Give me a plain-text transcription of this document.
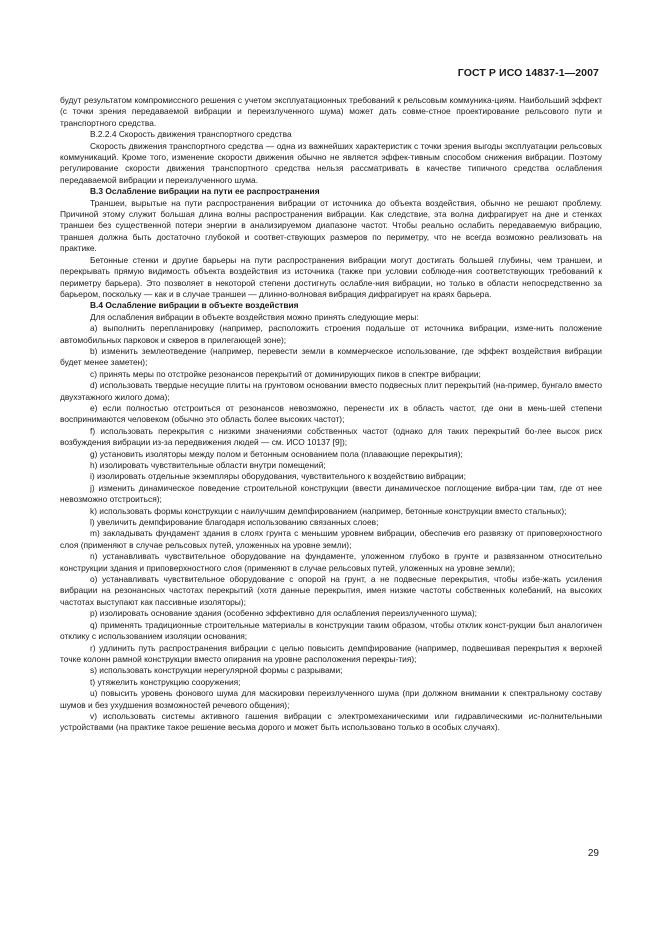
ГОСТ Р ИСО 14837-1—2007

будут результатом компромиссного решения с учетом эксплуатационных требований к рельсовым коммуника-циям. Наибольший эффект (с точки зрения передаваемой вибрации и переизлученного шума) может дать совме-стное проектирование рельсового пути и транспортного средства.

В.2.2.4 Скорость движения транспортного средства

Скорость движения транспортного средства — одна из важнейших характеристик с точки зрения выгоды эксплуатации рельсовых коммуникаций. Кроме того, изменение скорости движения обычно не является эффек-тивным способом снижения вибрации. Поэтому регулирование скорости движения транспортного средства нельзя рассматривать в качестве типичного средства ослабления передаваемой вибрации и переизлученного шума.

В.3 Ослабление вибрации на пути ее распространения

Траншеи, вырытые на пути распространения вибрации от источника до объекта воздействия, обычно не решают проблему. Причиной этому служит большая длина волны распространения вибрации. Как следствие, эта волна дифрагирует на дне и стенках траншеи без существенной потери энергии в анализируемом диапазоне частот. Чтобы реально ослабить передаваемую вибрацию, траншея должна быть достаточно глубокой и соответ-ствующих размеров по периметру, что не всегда возможно реализовать на практике.

Бетонные стенки и другие барьеры на пути распространения вибрации могут достигать большей глубины, чем траншеи, и перекрывать прямую видимость объекта воздействия из источника (также при условии соблюде-ния соответствующих требований к периметру барьера). Это позволяет в некоторой степени достигнуть ослабле-ния вибрации, но только в области непосредственно за барьером, поскольку — как и в случае траншеи — длинно-волновая вибрация дифрагирует на краях барьера.

В.4 Ослабление вибрации в объекте воздействия

Для ослабления вибрации в объекте воздействия можно принять следующие меры:

a) выполнить перепланировку (например, расположить строения подальше от источника вибрации, изме-нить положение автомобильных парковок и скверов в прилегающей зоне);

b) изменить землеотведение (например, перевести земли в коммерческое использование, где эффект воздействия вибрации будет менее заметен);

c) принять меры по отстройке резонансов перекрытий от доминирующих пиков в спектре вибрации;

d) использовать твердые несущие плиты на грунтовом основании вместо подвесных плит перекрытий (на-пример, бунгало вместо двухэтажного жилого дома);

e) если полностью отстроиться от резонансов невозможно, перенести их в область частот, где они в мень-шей степени воспринимаются человеком (обычно это область более высоких частот);

f) использовать перекрытия с низкими значениями собственных частот (однако для таких перекрытий бо-лее высок риск возбуждения вибрации из-за передвижения людей — см. ИСО 10137 [9]);

g) установить изоляторы между полом и бетонным основанием пола (плавающие перекрытия);

h) изолировать чувствительные области внутри помещений;

i) изолировать отдельные экземпляры оборудования, чувствительного к воздействию вибрации;

j) изменить динамическое поведение строительной конструкции (ввести динамическое поглощение вибра-ции там, где от нее невозможно отстроиться);

k) использовать формы конструкции с наилучшим демпфированием (например, бетонные конструкции вместо стальных);

l) увеличить демпфирование благодаря использованию связанных слоев;

m) закладывать фундамент здания в слоях грунта с меньшим уровнем вибрации, обеспечив его развязку от приповерхностного слоя (применяют в случае рельсовых путей, уложенных на уровне земли);

n) устанавливать чувствительное оборудование на фундаменте, уложенном глубоко в грунте и развязанном относительно конструкции здания и приповерхностного слоя (применяют в случае рельсовых путей, уложенных на уровне земли);

o) устанавливать чувствительное оборудование с опорой на грунт, а не подвесные перекрытия, чтобы избе-жать усиления вибрации на резонансных частотах перекрытий (хотя данные перекрытия, имея низкие частоты собственных колебаний, на высоких частотах выступают как пассивные изоляторы);

p) изолировать основание здания (особенно эффективно для ослабления переизлученного шума);

q) применять традиционные строительные материалы в конструкции таким образом, чтобы отклик конст-рукции был аналогичен отклику с использованием изоляции основания;

r) удлинить путь распространения вибрации с целью повысить демпфирование (например, подвешивая перекрытия к верхней точке колонн рамной конструкции вместо опирания на уровне расположения перекры-тия);

s) использовать конструкции нерегулярной формы с разрывами;

t) утяжелить конструкцию сооружения;

u) повысить уровень фонового шума для маскировки переизлученного шума (при должном внимании к спектральному составу шумов и без ухудшения возможностей речевого общения);

v) использовать системы активного гашения вибрации с электромеханическими или гидравлическими ис-полнительными устройствами (на практике такое решение весьма дорого и может быть использовано только в особых случаях).

29
